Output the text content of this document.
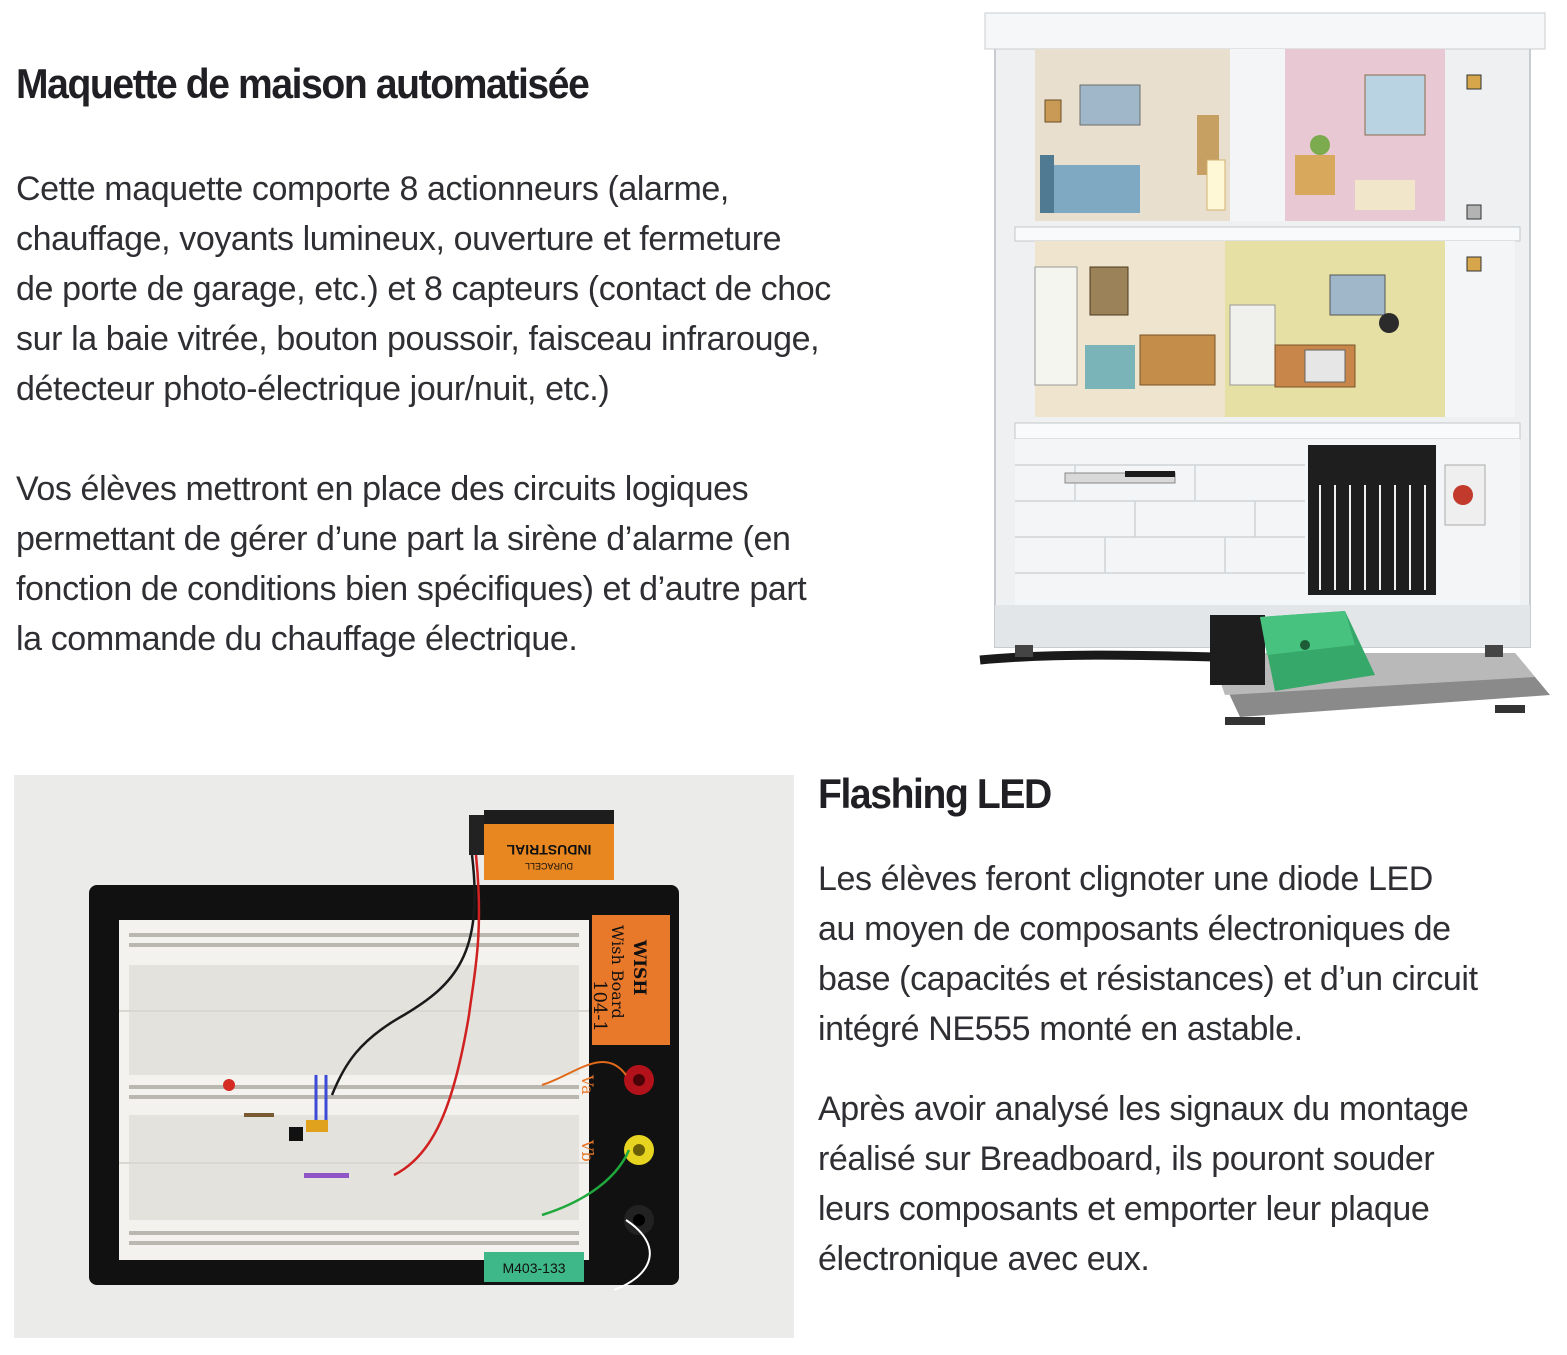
Maquette de maison automatisée

Cette maquette comporte 8 actionneurs (alarme,
chauffage, voyants lumineux, ouverture et fermeture
de porte de garage, etc.) et 8 capteurs (contact de choc
sur la baie vitrée, bouton poussoir, faisceau infrarouge,
détecteur photo-électrique jour/nuit, etc.)

Vos élèves mettront en place des circuits logiques
permettant de gérer d’une part la sirène d’alarme (en
fonction de conditions bien spécifiques) et d’autre part
la commande du chauffage électrique.

WISH
Wish Board
104-1
Va
Vb
M403-133
INDUSTRIAL
DURACELL
Flashing LED

Les élèves feront clignoter une diode LED
au moyen de composants électroniques de
base (capacités et résistances) et d’un circuit
intégré NE555 monté en astable.

Après avoir analysé les signaux du montage
réalisé sur Breadboard, ils pouront souder
leurs composants et emporter leur plaque
électronique avec eux.
